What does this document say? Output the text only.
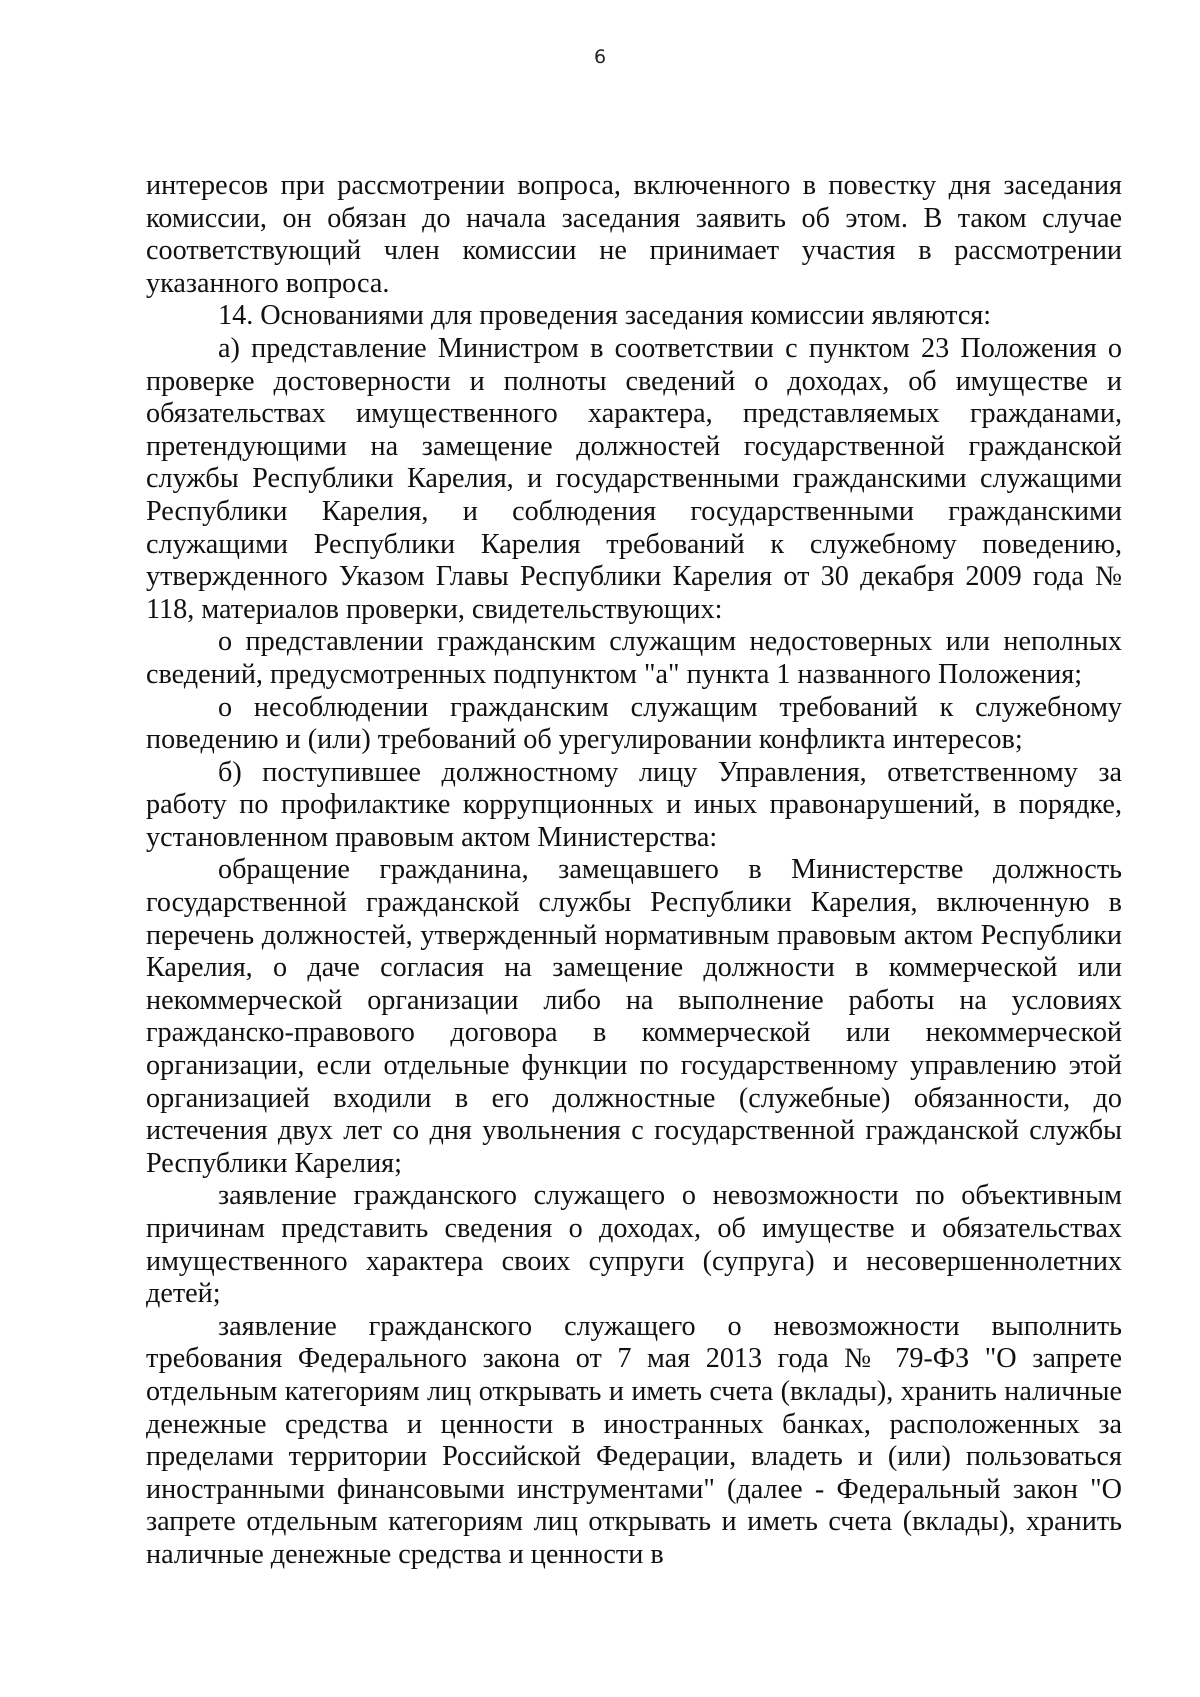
6

интересов при рассмотрении вопроса, включенного в повестку дня заседания комиссии, он обязан до начала заседания заявить об этом. В таком случае соответствующий член комиссии не принимает участия в рассмотрении указанного вопроса.

14. Основаниями для проведения заседания комиссии являются:

а) представление Министром в соответствии с пунктом 23 Положения о проверке достоверности и полноты сведений о доходах, об имуществе и обязательствах имущественного характера, представляемых гражданами, претендующими на замещение должностей государственной гражданской службы Республики Карелия, и государственными гражданскими служащими Республики Карелия, и соблюдения государственными гражданскими служащими Республики Карелия требований к служебному поведению, утвержденного Указом Главы Республики Карелия от 30 декабря 2009 года № 118, материалов проверки, свидетельствующих:

о представлении гражданским служащим недостоверных или неполных сведений, предусмотренных подпунктом "а" пункта 1 названного Положения;

о несоблюдении гражданским служащим требований к служебному поведению и (или) требований об урегулировании конфликта интересов;

б) поступившее должностному лицу Управления, ответственному за работу по профилактике коррупционных и иных правонарушений, в порядке, установленном правовым актом Министерства:

обращение гражданина, замещавшего в Министерстве должность государственной гражданской службы Республики Карелия, включенную в перечень должностей, утвержденный нормативным правовым актом Республики Карелия, о даче согласия на замещение должности в коммерческой или некоммерческой организации либо на выполнение работы на условиях гражданско-правового договора в коммерческой или некоммерческой организации, если отдельные функции по государственному управлению этой организацией входили в его должностные (служебные) обязанности, до истечения двух лет со дня увольнения с государственной гражданской службы Республики Карелия;

заявление гражданского служащего о невозможности по объективным причинам представить сведения о доходах, об имуществе и обязательствах имущественного характера своих супруги (супруга) и несовершеннолетних детей;

заявление гражданского служащего о невозможности выполнить требования Федерального закона от 7 мая 2013 года № 79-ФЗ "О запрете отдельным категориям лиц открывать и иметь счета (вклады), хранить наличные денежные средства и ценности в иностранных банках, расположенных за пределами территории Российской Федерации, владеть и (или) пользоваться иностранными финансовыми инструментами" (далее - Федеральный закон "О запрете отдельным категориям лиц открывать и иметь счета (вклады), хранить наличные денежные средства и ценности в
